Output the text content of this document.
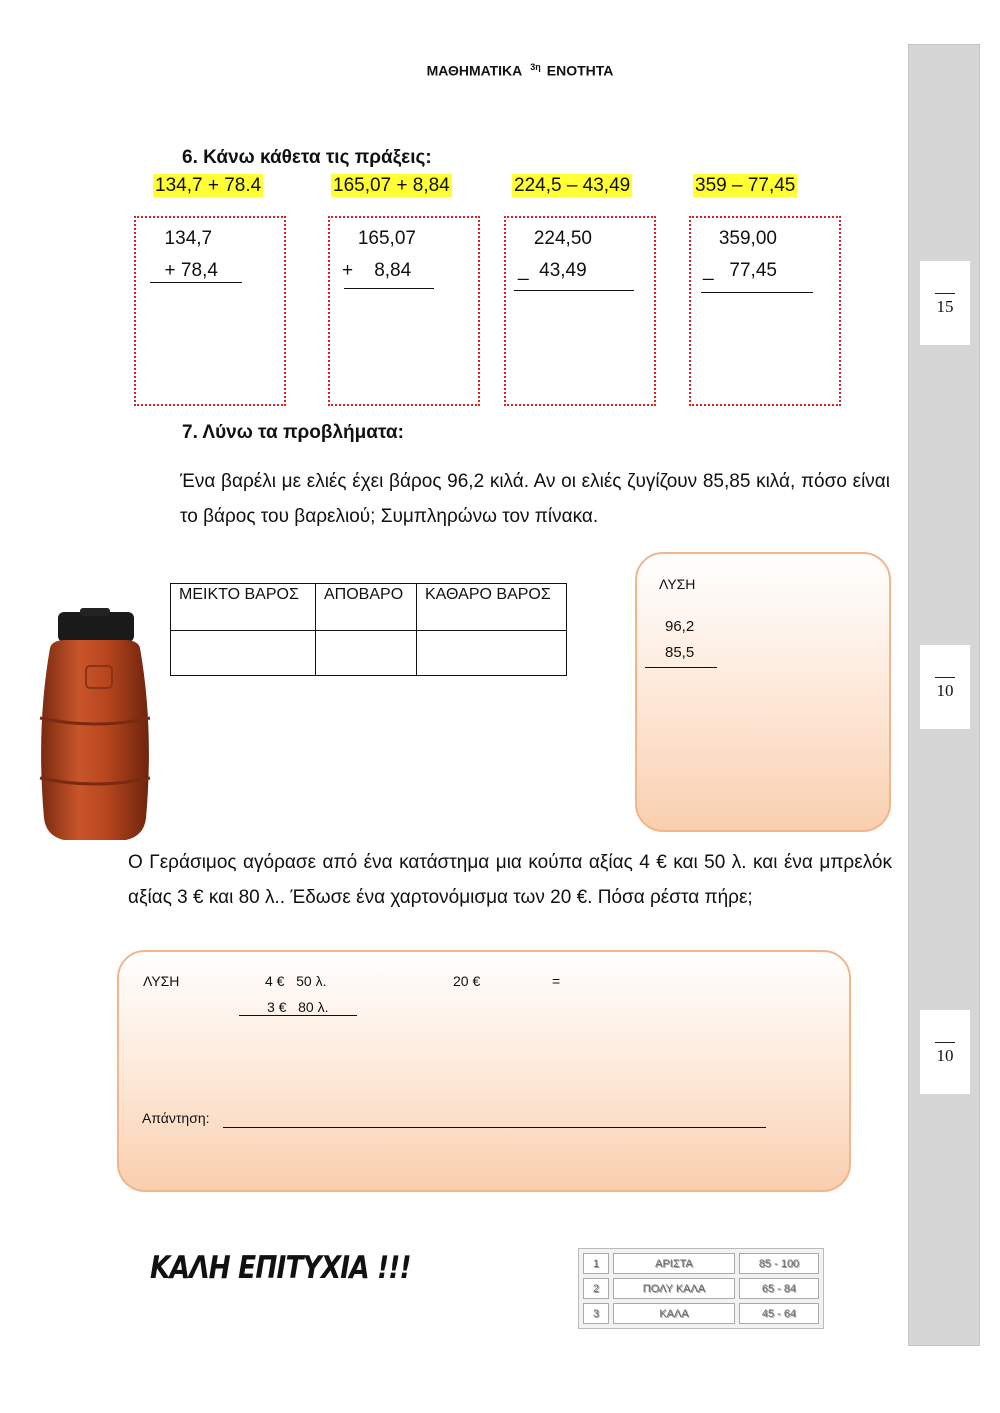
ΜΑΘΗΜΑΤΙΚΑ $^{3\eta}$ ΕΝΟΤΗΤΑ
15
10
10
6. Κάνω κάθετα τις πράξεις:
134,7 + 78.4	165,07 + 8,84	224,5 – 43,49	359 – 77,45
134,7
+ 78,4
165,07
+    8,84
224,50
_  43,49
359,00
_   77,45
7. Λύνω τα προβλήματα:
Ένα βαρέλι με ελιές έχει βάρος 96,2 κιλά. Αν οι ελιές ζυγίζουν 85,85 κιλά, πόσο είναι το βάρος του βαρελιού; Συμπληρώνω τον πίνακα.
ΜΕΙΚΤΟ ΒΑΡΟΣ	ΑΠΟΒΑΡΟ	ΚΑΘΑΡΟ ΒΑΡΟΣ

ΛΥΣΗ
96,2
85,5
Ο Γεράσιμος αγόρασε από ένα κατάστημα μια κούπα αξίας 4 € και 50 λ. και ένα μπρελόκ αξίας 3 € και 80 λ.. Έδωσε ένα χαρτονόμισμα των 20 €. Πόσα ρέστα πήρε;
ΛΥΣΗ	4 €   50 λ.
3 €   80 λ.
20 €	=
Απάντηση:
ΚΑΛΗ ΕΠΙΤΥΧΙΑ !!!	1	ΑΡΙΣΤΑ	85 - 100
2	ΠΟΛΥ ΚΑΛΑ	65 - 84
3	ΚΑΛΑ	45 - 64
